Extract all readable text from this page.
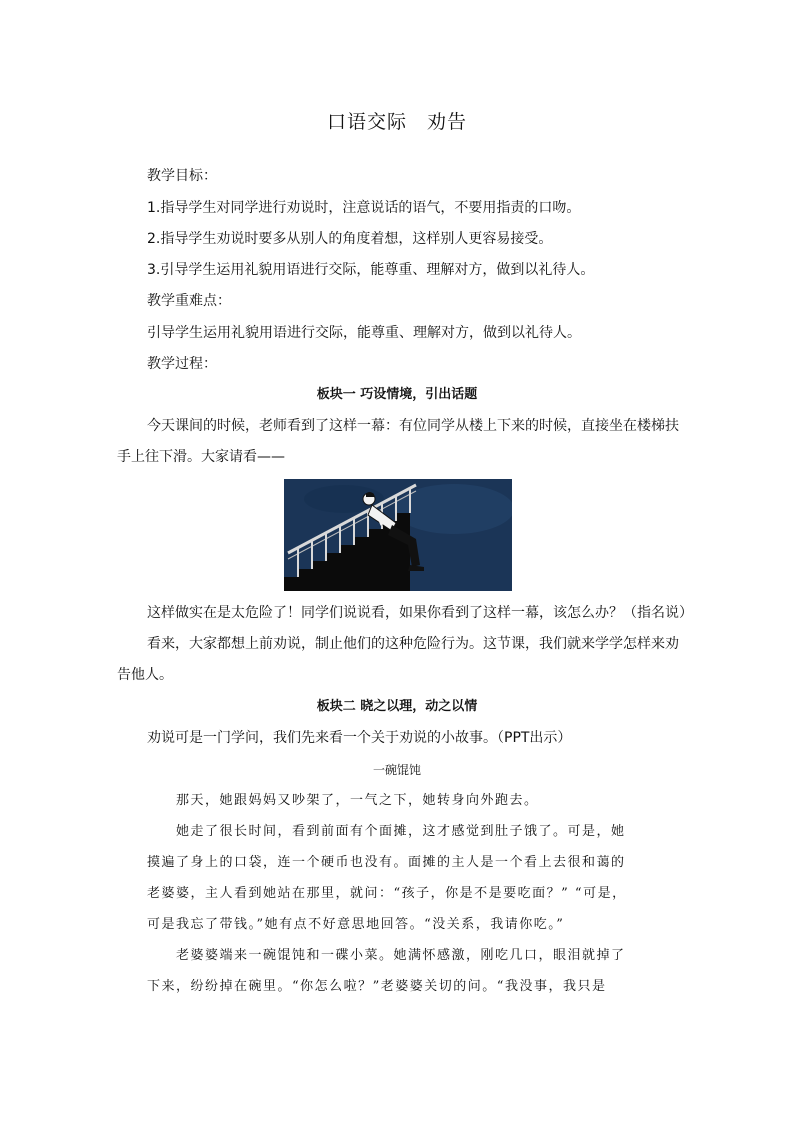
口语交际　劝告
教学目标：
1.指导学生对同学进行劝说时，注意说话的语气，不要用指责的口吻。
2.指导学生劝说时要多从别人的角度着想，这样别人更容易接受。
3.引导学生运用礼貌用语进行交际，能尊重、理解对方，做到以礼待人。
教学重难点：
引导学生运用礼貌用语进行交际，能尊重、理解对方，做到以礼待人。
教学过程：
板块一 巧设情境，引出话题
今天课间的时候，老师看到了这样一幕：有位同学从楼上下来的时候，直接坐在楼梯扶
手上往下滑。大家请看——
这样做实在是太危险了！同学们说说看，如果你看到了这样一幕，该怎么办？（指名说）
看来，大家都想上前劝说，制止他们的这种危险行为。这节课，我们就来学学怎样来劝
告他人。
板块二 晓之以理，动之以情
劝说可是一门学问，我们先来看一个关于劝说的小故事。（PPT出示）
一碗馄饨
那天，她跟妈妈又吵架了，一气之下，她转身向外跑去。
她走了很长时间，看到前面有个面摊，这才感觉到肚子饿了。可是，她
摸遍了身上的口袋，连一个硬币也没有。面摊的主人是一个看上去很和蔼的
老婆婆，主人看到她站在那里，就问：“孩子，你是不是要吃面？” “可是，
可是我忘了带钱。”她有点不好意思地回答。“没关系，我请你吃。”
老婆婆端来一碗馄饨和一碟小菜。她满怀感激，刚吃几口，眼泪就掉了
下来，纷纷掉在碗里。“你怎么啦？”老婆婆关切的问。“我没事，我只是
